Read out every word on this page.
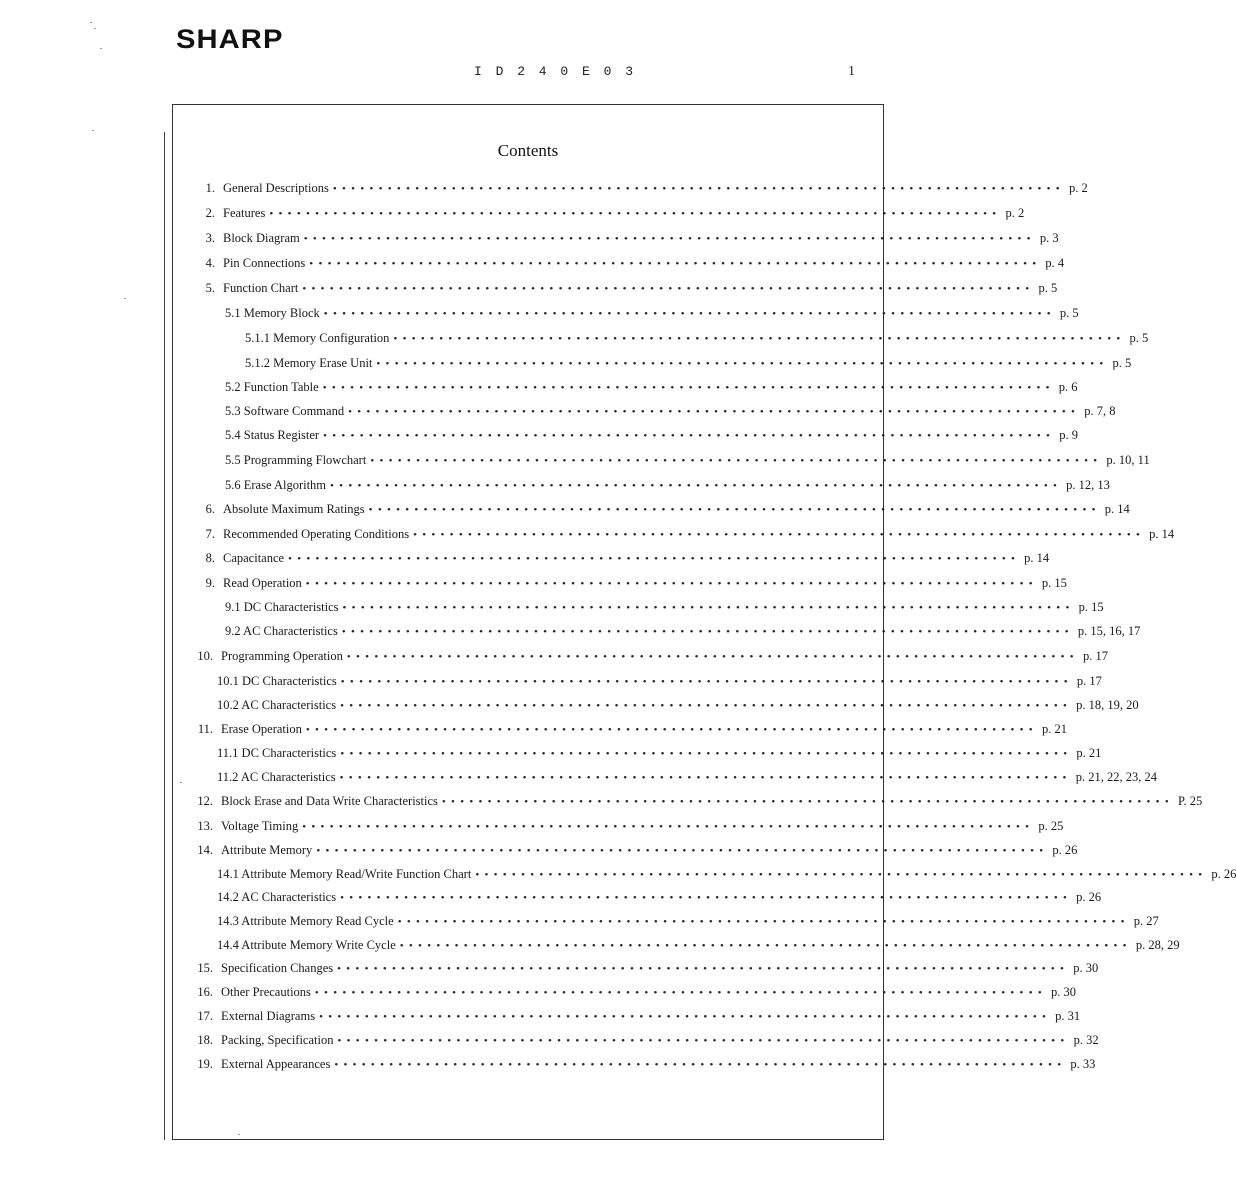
SHARP
I D 2 4 0 E 0 3	1
Contents
1. General Descriptions •••••••••••••••••••••••••••••••••••••••••••••••••••••••••••••••••••••••••••••••• p. 2
2. Features •••••••••••••••••••••••••••••••••••••••••••••••••••••••••••••••••••••••••••••••• p. 2
3. Block Diagram •••••••••••••••••••••••••••••••••••••••••••••••••••••••••••••••••••••••••••••••• p. 3
4. Pin Connections •••••••••••••••••••••••••••••••••••••••••••••••••••••••••••••••••••••••••••••••• p. 4
5. Function Chart •••••••••••••••••••••••••••••••••••••••••••••••••••••••••••••••••••••••••••••••• p. 5
5.1 Memory Block •••••••••••••••••••••••••••••••••••••••••••••••••••••••••••••••••••••••••••••••• p. 5
5.1.1 Memory Configuration •••••••••••••••••••••••••••••••••••••••••••••••••••••••••••••••••••••••••••••••• p. 5
5.1.2 Memory Erase Unit •••••••••••••••••••••••••••••••••••••••••••••••••••••••••••••••••••••••••••••••• p. 5
5.2 Function Table •••••••••••••••••••••••••••••••••••••••••••••••••••••••••••••••••••••••••••••••• p. 6
5.3 Software Command •••••••••••••••••••••••••••••••••••••••••••••••••••••••••••••••••••••••••••••••• p. 7, 8
5.4 Status Register •••••••••••••••••••••••••••••••••••••••••••••••••••••••••••••••••••••••••••••••• p. 9
5.5 Programming Flowchart •••••••••••••••••••••••••••••••••••••••••••••••••••••••••••••••••••••••••••••••• p. 10, 11
5.6 Erase Algorithm •••••••••••••••••••••••••••••••••••••••••••••••••••••••••••••••••••••••••••••••• p. 12, 13
6. Absolute Maximum Ratings •••••••••••••••••••••••••••••••••••••••••••••••••••••••••••••••••••••••••••••••• p. 14
7. Recommended Operating Conditions •••••••••••••••••••••••••••••••••••••••••••••••••••••••••••••••••••••••••••••••• p. 14
8. Capacitance •••••••••••••••••••••••••••••••••••••••••••••••••••••••••••••••••••••••••••••••• p. 14
9. Read Operation •••••••••••••••••••••••••••••••••••••••••••••••••••••••••••••••••••••••••••••••• p. 15
9.1 DC Characteristics •••••••••••••••••••••••••••••••••••••••••••••••••••••••••••••••••••••••••••••••• p. 15
9.2 AC Characteristics •••••••••••••••••••••••••••••••••••••••••••••••••••••••••••••••••••••••••••••••• p. 15, 16, 17
10. Programming Operation •••••••••••••••••••••••••••••••••••••••••••••••••••••••••••••••••••••••••••••••• p. 17
10.1 DC Characteristics •••••••••••••••••••••••••••••••••••••••••••••••••••••••••••••••••••••••••••••••• p. 17
10.2 AC Characteristics •••••••••••••••••••••••••••••••••••••••••••••••••••••••••••••••••••••••••••••••• p. 18, 19, 20
11. Erase Operation •••••••••••••••••••••••••••••••••••••••••••••••••••••••••••••••••••••••••••••••• p. 21
11.1 DC Characteristics •••••••••••••••••••••••••••••••••••••••••••••••••••••••••••••••••••••••••••••••• p. 21
11.2 AC Characteristics •••••••••••••••••••••••••••••••••••••••••••••••••••••••••••••••••••••••••••••••• p. 21, 22, 23, 24
12. Block Erase and Data Write Characteristics •••••••••••••••••••••••••••••••••••••••••••••••••••••••••••••••••••••••••••••••• P. 25
13. Voltage Timing •••••••••••••••••••••••••••••••••••••••••••••••••••••••••••••••••••••••••••••••• p. 25
14. Attribute Memory •••••••••••••••••••••••••••••••••••••••••••••••••••••••••••••••••••••••••••••••• p. 26
14.1 Attribute Memory Read/Write Function Chart •••••••••••••••••••••••••••••••••••••••••••••••••••••••••••••••••••••••••••••••• p. 26
14.2 AC Characteristics •••••••••••••••••••••••••••••••••••••••••••••••••••••••••••••••••••••••••••••••• p. 26
14.3 Attribute Memory Read Cycle •••••••••••••••••••••••••••••••••••••••••••••••••••••••••••••••••••••••••••••••• p. 27
14.4 Attribute Memory Write Cycle •••••••••••••••••••••••••••••••••••••••••••••••••••••••••••••••••••••••••••••••• p. 28, 29
15. Specification Changes •••••••••••••••••••••••••••••••••••••••••••••••••••••••••••••••••••••••••••••••• p. 30
16. Other Precautions •••••••••••••••••••••••••••••••••••••••••••••••••••••••••••••••••••••••••••••••• p. 30
17. External Diagrams •••••••••••••••••••••••••••••••••••••••••••••••••••••••••••••••••••••••••••••••• p. 31
18. Packing, Specification •••••••••••••••••••••••••••••••••••••••••••••••••••••••••••••••••••••••••••••••• p. 32
19. External Appearances •••••••••••••••••••••••••••••••••••••••••••••••••••••••••••••••••••••••••••••••• p. 33
